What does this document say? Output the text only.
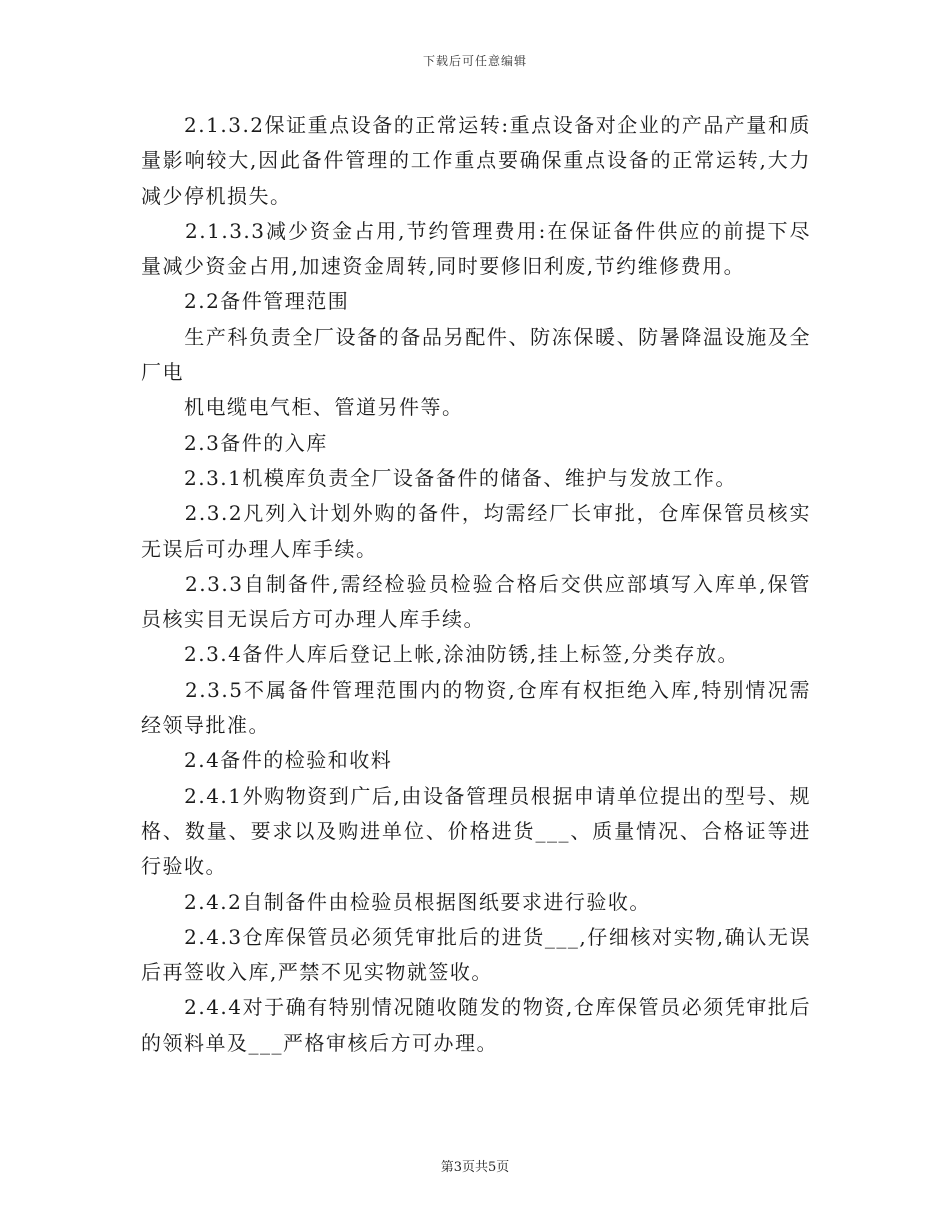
下载后可任意编辑

　　2.1.3.2保证重点设备的正常运转:重点设备对企业的产品产量和质量影响较大,因此备件管理的工作重点要确保重点设备的正常运转,大力减少停机损失。

　　2.1.3.3减少资金占用,节约管理费用:在保证备件供应的前提下尽量减少资金占用,加速资金周转,同时要修旧利废,节约维修费用。

　　2.2备件管理范围

　　生产科负责全厂设备的备品另配件、防冻保暖、防暑降温设施及全厂电

　　机电缆电气柜、管道另件等。

　　2.3备件的入库

　　2.3.1机模库负责全厂设备备件的储备、维护与发放工作。

　　2.3.2凡列入计划外购的备件，均需经厂长审批，仓库保管员核实无误后可办理人库手续。

　　2.3.3自制备件,需经检验员检验合格后交供应部填写入库单,保管员核实目无误后方可办理人库手续。

　　2.3.4备件人库后登记上帐,涂油防锈,挂上标签,分类存放。

　　2.3.5不属备件管理范围内的物资,仓库有权拒绝入库,特别情况需经领导批准。

　　2.4备件的检验和收料

　　2.4.1外购物资到广后,由设备管理员根据申请单位提出的型号、规格、数量、要求以及购进单位、价格进货___、质量情况、合格证等进行验收。

　　2.4.2自制备件由检验员根据图纸要求进行验收。

　　2.4.3仓库保管员必须凭审批后的进货___,仔细核对实物,确认无误后再签收入库,严禁不见实物就签收。

　　2.4.4对于确有特别情况随收随发的物资,仓库保管员必须凭审批后的领料单及___严格审核后方可办理。

第3页共5页
